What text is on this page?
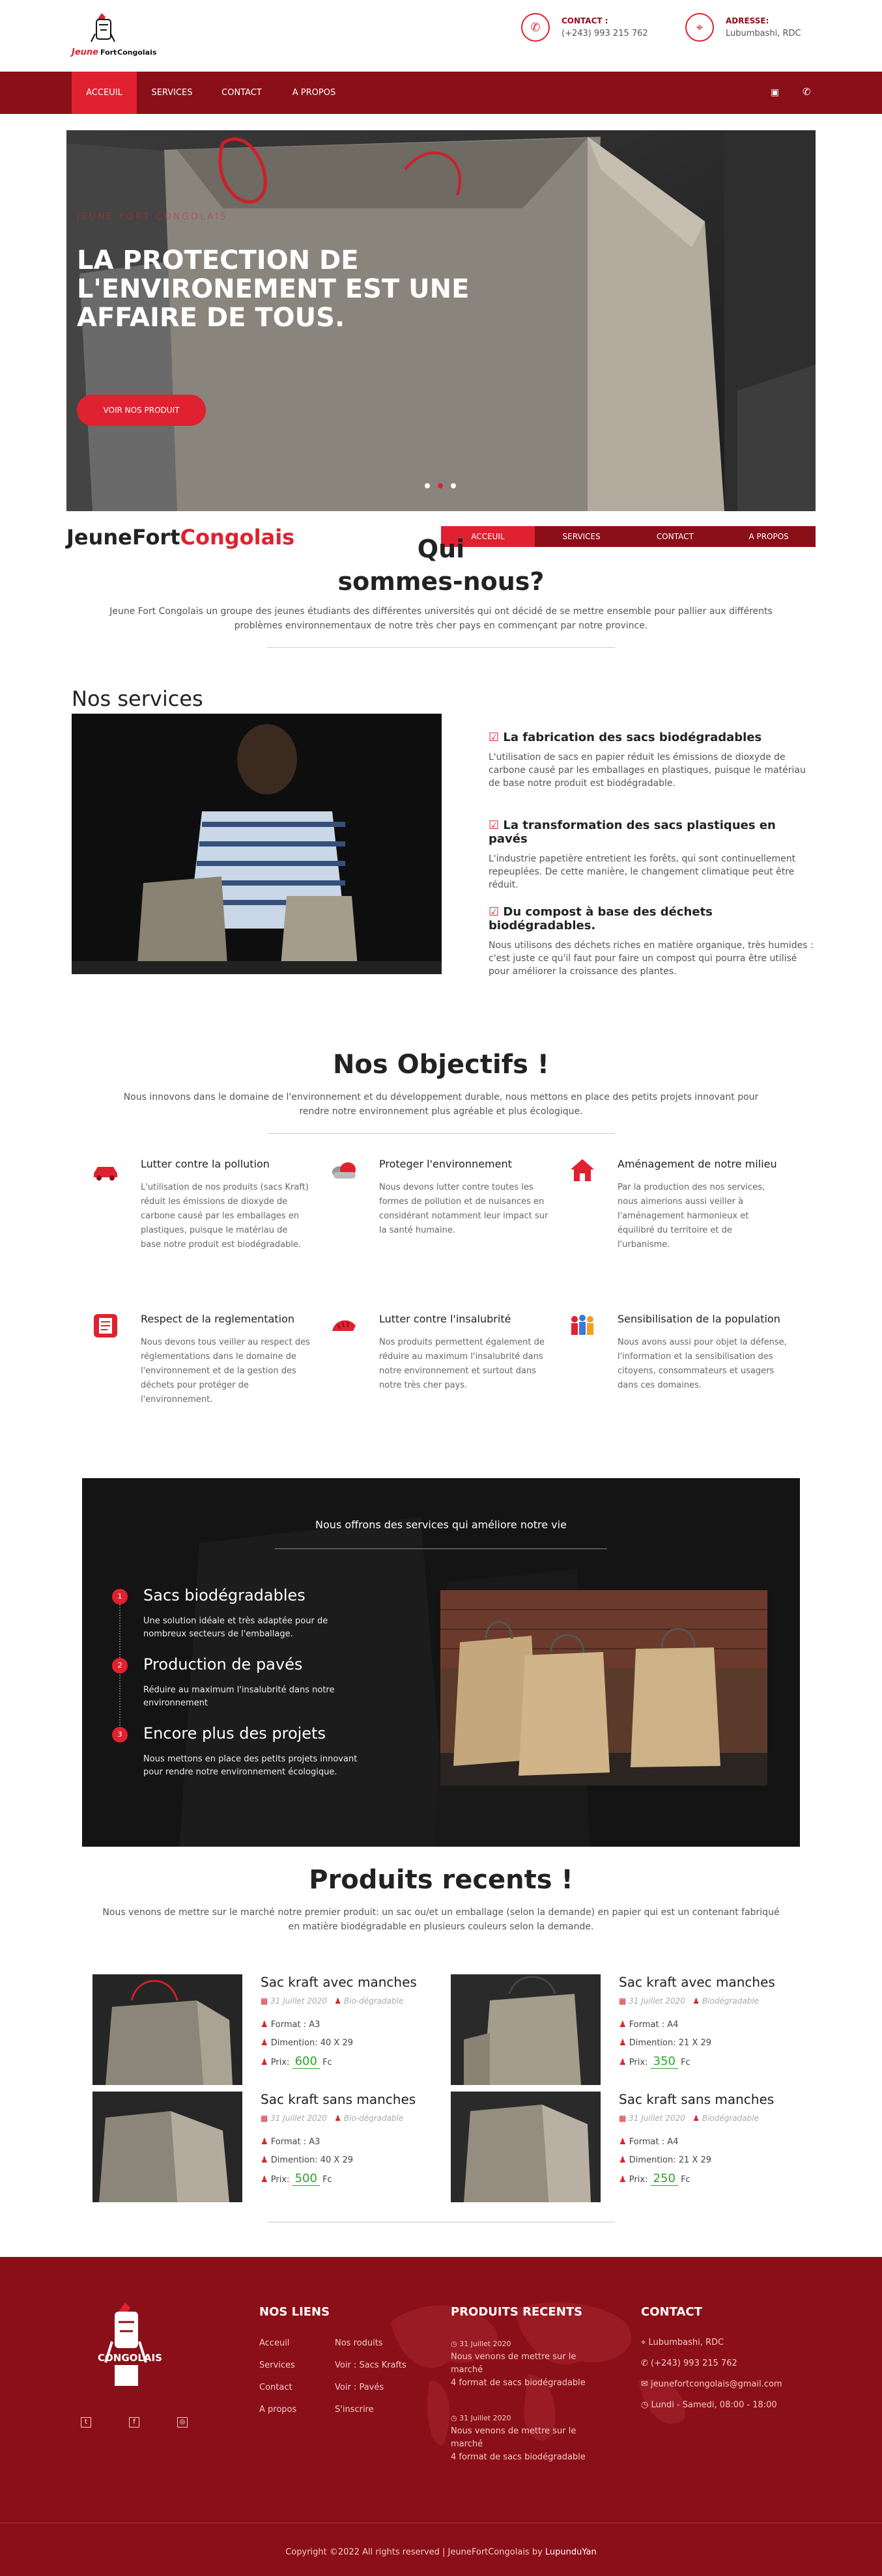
Jeune Fort Congolais
✆	CONTACT :
(+243) 993 215 762	⌖	ADRESSE:
Lubumbashi, RDC
ACCEUIL	SERVICES	CONTACT	A PROPOS	▣ ✆
JEUNE FORT CONGOLAIS
LA PROTECTION DE
L'ENVIRONEMENT EST UNE
AFFAIRE DE TOUS.
VOIR NOS PRODUIT
JeuneFortCongolais	ACCEUIL	SERVICES	CONTACT	A PROPOS
Qui
sommes-nous?
Jeune Fort Congolais un groupe des jeunes étudiants des différentes universités qui ont décidé de se mettre ensemble pour pallier aux différents problèmes environnementaux de notre très cher pays en commençant par notre province.
Nos services
☑ La fabrication des sacs biodégradables

L'utilisation de sacs en papier réduit les émissions de dioxyde de carbone causé par les emballages en plastiques, puisque le matériau de base notre produit est biodégradable.

☑ La transformation des sacs plastiques en pavés

L'industrie papetière entretient les forêts, qui sont continuellement repeuplées. De cette manière, le changement climatique peut être réduit.

☑ Du compost à base des déchets biodégradables.

Nous utilisons des déchets riches en matière organique, très humides : c'est juste ce qu'il faut pour faire un compost qui pourra être utilisé pour améliorer la croissance des plantes.

Nos Objectifs !
Nous innovons dans le domaine de l'environnement et du développement durable, nous mettons en place des petits projets innovant pour rendre notre environnement plus agréable et plus écologique.
Lutter contre la pollution

L'utilisation de nos produits (sacs Kraft) réduit les émissions de dioxyde de carbone causé par les emballages en plastiques, puisque le matériau de base notre produit est biodégradable.

Proteger l'environnement

Nous devons lutter contre toutes les formes de pollution et de nuisances en considérant notamment leur impact sur la santé humaine.

Aménagement de notre milieu

Par la production des nos services, nous aimerions aussi veiller à l'aménagement harmonieux et équilibré du territoire et de l'urbanisme.

Respect de la reglementation

Nous devons tous veiller au respect des réglementations dans le domaine de l'environnement et de la gestion des déchets pour protéger de l'environnement.

Lutter contre l'insalubrité

Nos produits permettent également de réduire au maximum l'insalubrité dans notre environnement et surtout dans notre très cher pays.

Sensibilisation de la population

Nous avons aussi pour objet la défense, l'information et la sensibilisation des citoyens, consommateurs et usagers dans ces domaines.

Nous offrons des services qui améliore notre vie
1	Sacs biodégradables
Une solution idéale et très adaptée pour de nombreux secteurs de l'emballage.
2	Production de pavés
Réduire au maximum l'insalubrité dans notre environnement
3	Encore plus des projets
Nous mettons en place des petits projets innovant pour rendre notre environnement écologique.
Produits recents !
Nous venons de mettre sur le marché notre premier produit: un sac ou/et un emballage (selon la demande) en papier qui est un contenant fabriqué en matière biodégradable en plusieurs couleurs selon la demande.
Sac kraft avec manches
▦ 31 Juillet 2020 ♟ Bio-dégradable
♟ Format : A3
♟ Dimention: 40 X 29
♟ Prix: 600 Fc
Sac kraft avec manches
▦ 31 Juillet 2020 ♟ Biodégradable
♟ Format : A4
♟ Dimention: 21 X 29
♟ Prix: 350 Fc
Sac kraft sans manches
▦ 31 Juillet 2020 ♟ Bio-dégradable
♟ Format : A3
♟ Dimention: 40 X 29
♟ Prix: 500 Fc
Sac kraft sans manches
▦ 31 Juillet 2020 ♟ Biodégradable
♟ Format : A4
♟ Dimention: 21 X 29
♟ Prix: 250 Fc
CONGOLAIS
t	f	◎
NOS LIENS
Acceuil
Services
Contact
A propos
Nos roduits
Voir : Sacs Krafts
Voir : Pavés
S'inscrire
PRODUITS RECENTS
◷ 31 Juillet 2020
Nous venons de mettre sur le
marché
4 format de sacs biodégradable
◷ 31 Juillet 2020
Nous venons de mettre sur le
marché
4 format de sacs biodégradable
CONTACT
⌖ Lubumbashi, RDC
✆ (+243) 993 215 762
✉ jeunefortcongolais@gmail.com
◷ Lundi - Samedi, 08:00 - 18:00
Copyright ©2022 All rights reserved | JeuneFortCongolais by LupunduYan
